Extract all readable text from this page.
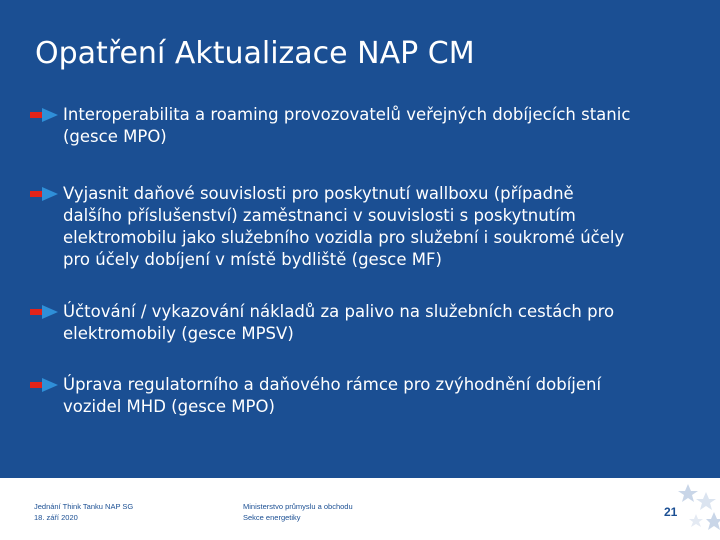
Opatření Aktualizace NAP CM
Interoperabilita a roaming provozovatelů veřejných dobíjecích stanic
(gesce MPO)
Vyjasnit daňové souvislosti pro poskytnutí wallboxu (případně
dalšího příslušenství) zaměstnanci v souvislosti s poskytnutím
elektromobilu jako služebního vozidla pro služební i soukromé účely
pro účely dobíjení v místě bydliště (gesce MF)
Účtování / vykazování nákladů za palivo na služebních cestách pro
elektromobily (gesce MPSV)
Úprava regulatorního a daňového rámce pro zvýhodnění dobíjení
vozidel MHD (gesce MPO)
Jednání Think Tanku NAP SG
18. září 2020
Ministerstvo průmyslu a obchodu
Sekce energetiky	21
